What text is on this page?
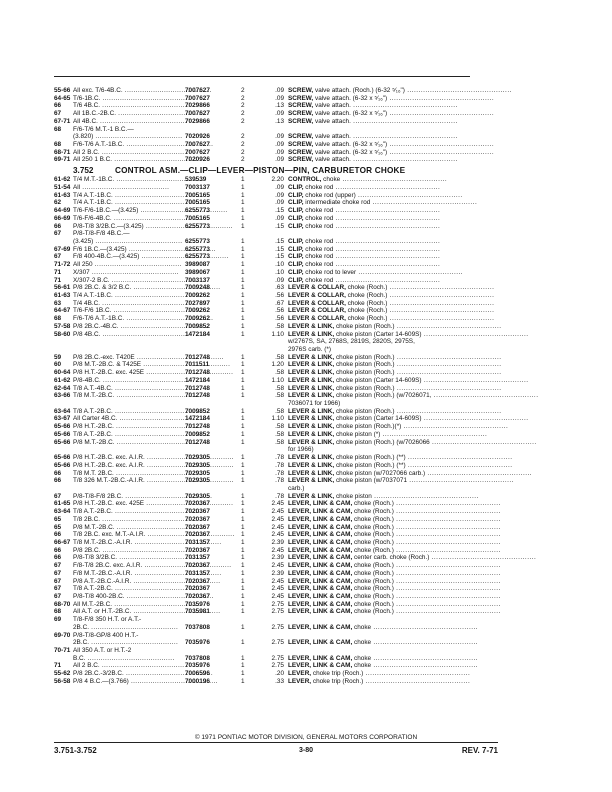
55-66 All exc. T/6-4B.C. .....	7007627	2	.09 SCREW, valve attach. (Roch.) (6-32 ⁵⁄₁₆") ..............................................
64-65 T/6-1B.C. .....	7007627	2	.09 SCREW, valve attach. (6-32 x ⁵⁄₁₆") ..............................................
66 T/6 4B.C. .....	7029866	2	.13 SCREW, valve attach. ..............................................
67 All 1B.C.-2B.C. .....	7007627	2	.09 SCREW, valve attach. (6-32 x ⁵⁄₁₆") ..............................................
67-71 All 4B.C. .....	7029866	2	.13 SCREW, valve attach. ..............................................
68 F/6-T/6 M.T.-1 B.C.—
(3.820) .....	7020926	2	.09 SCREW, valve attach. ..............................................
68 F/6-T/6 A.T.-1B.C. .....	7007627	2	.09 SCREW, valve attach. (6-32 x ⁵⁄₁₆") ..............................................
68-71 All 2 B.C. .....	7007627	2	.09 SCREW, valve attach. (6-32 x ⁵⁄₁₆") ..............................................
69-71 All 250 1 B.C. .....	7020926	2	.09 SCREW, valve attach. ..............................................
3.752	CONTROL ASM.—CLIP—LEVER—PISTON—PIN, CARBURETOR CHOKE
61-62 T/4 M.T.-1B.C. .....	539539	1	2.20 CONTROL, choke ..............................................
51-54 All .....	7003137	1	.09 CLIP, choke rod ..............................................
61-63 T/4 A.T.-1B.C. .....	7005165	1	.09 CLIP, choke rod (upper) ..............................................
62 T/4 A.T.-1B.C. .....	7005165	1	.09 CLIP, intermediate choke rod ..............................................
64-69 T/6-F/6-1B.C.—(3.425) .....	6255773	1	.15 CLIP, choke rod ..............................................
66-69 T/6-F/6-4B.C. .....	7005165	1	.09 CLIP, choke rod ..............................................
66 P/8-T/8 3/2B.C.—(3.425) .....	6255773	1	.15 CLIP, choke rod ..............................................
67 P/8-T/8-F/8 4B.C.—
(3.425) .....	6255773	1	.15 CLIP, choke rod ..............................................
67-69 F/6 1B.C.—(3.425) .....	6255773	1	.15 CLIP, choke rod ..............................................
67 F/8 400-4B.C.—(3.425) .....	6255773	1	.15 CLIP, choke rod ..............................................
71-72 All 250 .....	3989087	1	.10 CLIP, choke rod ..............................................
71 X/307 .....	3989067	1	.10 CLIP, choke rod to lever ..............................................
71 X/307-2 B.C. .....	7003137	1	.09 CLIP, choke rod ..............................................
56-61 P/8 2B.C. & 3/2 B.C. .....	7009248	1	.63 LEVER & COLLAR, choke (Roch.) ..............................................
61-63 T/4 A.T.-1B.C. .....	7009262	1	.56 LEVER & COLLAR, choke (Roch.) ..............................................
63 T/4 4B.C. .....	7027897	1	.67 LEVER & COLLAR, choke (Roch.) ..............................................
64-67 T/6-F/6 1B.C. .....	7009262	1	.56 LEVER & COLLAR, choke (Roch.) ..............................................
68 F/6-T/6 A.T.-1B.C. .....	7009262	1	.56 LEVER & COLLAR, choke (Roch.) ..............................................
57-58 P/8 2B.C.-4B.C. .....	7009852	1	.58 LEVER & LINK, choke piston (Roch.) ..............................................
58-60 P/8 4B.C. .....	1472184	1	1.10 LEVER & LINK, choke piston (Carter 14-609S) ..............................................
w/2767S, SA, 2768S, 2819S, 2820S, 2975S,
2976S carb. (*)
59 P/8 2B.C.-exc. T420E .....	7012748	1	.58 LEVER & LINK, choke piston (Roch.) ..............................................
60 P/8 M.T.-2B.C. & T425E .....	7011511	1	1.20 LEVER & LINK, choke piston (Roch.) ..............................................
60-64 P/8 H.T.-2B.C. exc. 425E .....	7012748	1	.58 LEVER & LINK, choke piston (Roch.) ..............................................
61-62 P/8-4B.C. .....	1472184	1	1.10 LEVER & LINK, choke piston (Carter 14-609S) ..............................................
62-64 T/8 A.T.-4B.C. .....	7012748	1	.58 LEVER & LINK, choke piston (Roch.) ..............................................
63-66 T/8 M.T.-2B.C. .....	7012748	1	.58 LEVER & LINK, choke piston (Roch.) (w/7026071, ..............................................
7036071 for 1966)
63-64 T/8 A.T.-2B.C. .....	7009852	1	.58 LEVER & LINK, choke piston (Roch.) ..............................................
63-67 All Carter 4B.C. .....	1472184	1	1.10 LEVER & LINK, choke piston (Carter 14-609S) ..............................................
65-66 P/8 H.T.-2B.C. .....	7012748	1	.58 LEVER & LINK, choke piston (Roch.)(*) ..............................................
65-66 T/8 A.T.-2B.C. .....	7009852	1	.58 LEVER & LINK, choke piston (*) ..............................................
65-66 P/8 M.T.-2B.C. .....	7012748	1	.58 LEVER & LINK, choke piston (Roch.) (w/7026066 ..............................................
for 1966)
65-66 P/8 H.T.-2B.C. exc. A.I.R. .....	7029305	1	.78 LEVER & LINK, choke piston (Roch.) (**) ..............................................
65-66 P/8 H.T.-2B.C. exc. A.I.R. .....	7029305	1	.78 LEVER & LINK, choke piston (Roch.) (**) ..............................................
66 T/8 M.T. 2B.C. .....	7029305	1	.78 LEVER & LINK, choke piston (w/7027066 carb.) ..............................................
66 T/8 326 M.T.-2B.C.-A.I.R. .....	7029305	1	.78 LEVER & LINK, choke piston (w/7037071 ..............................................
carb.)
67 P/8-T/8-F/8 2B.C. .....	7029305	1	.78 LEVER & LINK, choke piston ..............................................
61-65 P/8 H.T.-2B.C. exc. 425E .....	7020367	1	2.45 LEVER, LINK & CAM, choke (Roch.) ..............................................
63-64 T/8 A.T.-2B.C. .....	7020367	1	2.45 LEVER, LINK & CAM, choke (Roch.) ..............................................
65 T/8 2B.C. .....	7020367	1	2.45 LEVER, LINK & CAM, choke (Roch.) ..............................................
65 P/8 M.T.-2B.C. .....	7020367	1	2.45 LEVER, LINK & CAM, choke (Roch.) ..............................................
66 T/8 2B.C. exc. M.T.-A.I.R. .....	7020367	1	2.45 LEVER, LINK & CAM, choke (Roch.) ..............................................
66-67 T/8 M.T.-2B.C.-A.I.R. .....	7031357	1	2.39 LEVER, LINK & CAM, choke (Roch.) ..............................................
66 P/8 2B.C. .....	7020367	1	2.45 LEVER, LINK & CAM, choke (Roch.) ..............................................
66 P/8-T/8 3/2B.C. .....	7031357	1	2.39 LEVER, LINK & CAM, center carb. choke (Roch.) ..............................................
67 F/8-T/8 2B.C. exc. A.I.R. .....	7020367	1	2.45 LEVER, LINK & CAM, choke (Roch.) ..............................................
67 F/8 M.T.-2B.C.-A.I.R. .....	7031357	1	2.39 LEVER, LINK & CAM, choke (Roch.) ..............................................
67 P/8 A.T.-2B.C.-A.I.R. .....	7020367	1	2.45 LEVER, LINK & CAM, choke (Roch.) ..............................................
67 T/8 A.T.-2B.C. .....	7020367	1	2.45 LEVER, LINK & CAM, choke (Roch.) ..............................................
67 P/8-T/8 400-2B.C. .....	7020367	1	2.45 LEVER, LINK & CAM, choke (Roch.) ..............................................
68-70 All M.T.-2B.C. .....	7035976	1	2.75 LEVER, LINK & CAM, choke (Roch.) ..............................................
68 All A.T. or H.T.-2B.C. .....	7035981	1	2.75 LEVER, LINK & CAM, choke (Roch.) ..............................................
69 T/8-F/8 350 H.T. or A.T.-
2B.C. .....	7037808	1	2.75 LEVER, LINK & CAM, choke ..............................................
69-70 P/8-T/8-GP/8 400 H.T.-
2B.C. .....	7035976	1	2.75 LEVER, LINK & CAM, choke ..............................................
70-71 All 350 A.T. or H.T.-2
B.C. .....	7037808	1	2.75 LEVER, LINK & CAM, choke ..............................................
71 All 2 B.C. .....	7035976	1	2.75 LEVER, LINK & CAM, choke ..............................................
55-62 P/8 2B.C.-3/2B.C. .....	7006596	1	.20 LEVER, choke trip (Roch.) ..............................................
56-58 P/8 4 B.C.—(3.766) .....	7000196	1	.33 LEVER, choke trip (Roch.) ..............................................
© 1971 PONTIAC MOTOR DIVISION, GENERAL MOTORS CORPORATION
3.751-3.752	3-80	REV. 7-71
